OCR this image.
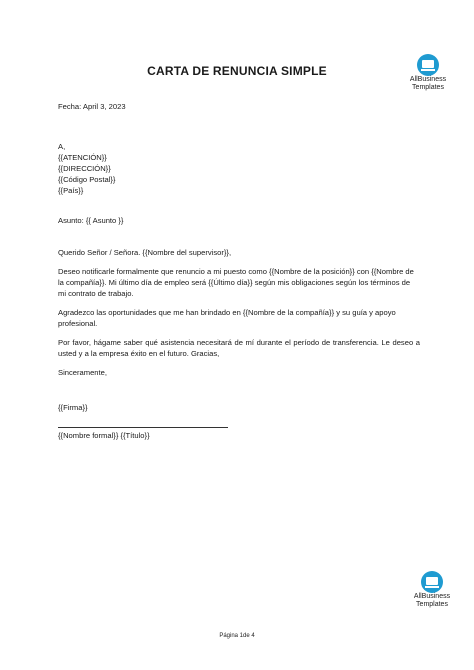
AllBusiness
Templates
CARTA DE RENUNCIA SIMPLE
Fecha: April 3, 2023
A,
{{ATENCIÓN}}
{{DIRECCIÓN}}
{{Código Postal}}
{{País}}
Asunto: {{ Asunto }}
Querido Señor / Señora. {{Nombre del supervisor}},
Deseo notificarle formalmente que renuncio a mi puesto como {{Nombre de la posición}} con {{Nombre de la compañía}}. Mi último día de empleo será {{Último día}} según mis obligaciones según los términos de mi contrato de trabajo.
Agradezco las oportunidades que me han brindado en {{Nombre de la compañía}} y su guía y apoyo profesional.
Por favor, hágame saber qué asistencia necesitará de mí durante el período de transferencia. Le deseo a usted y a la empresa éxito en el futuro. Gracias,
Sinceramente,
{{Firma}}
{{Nombre formal}} {{Título}}
AllBusiness
Templates
Página 1de 4
